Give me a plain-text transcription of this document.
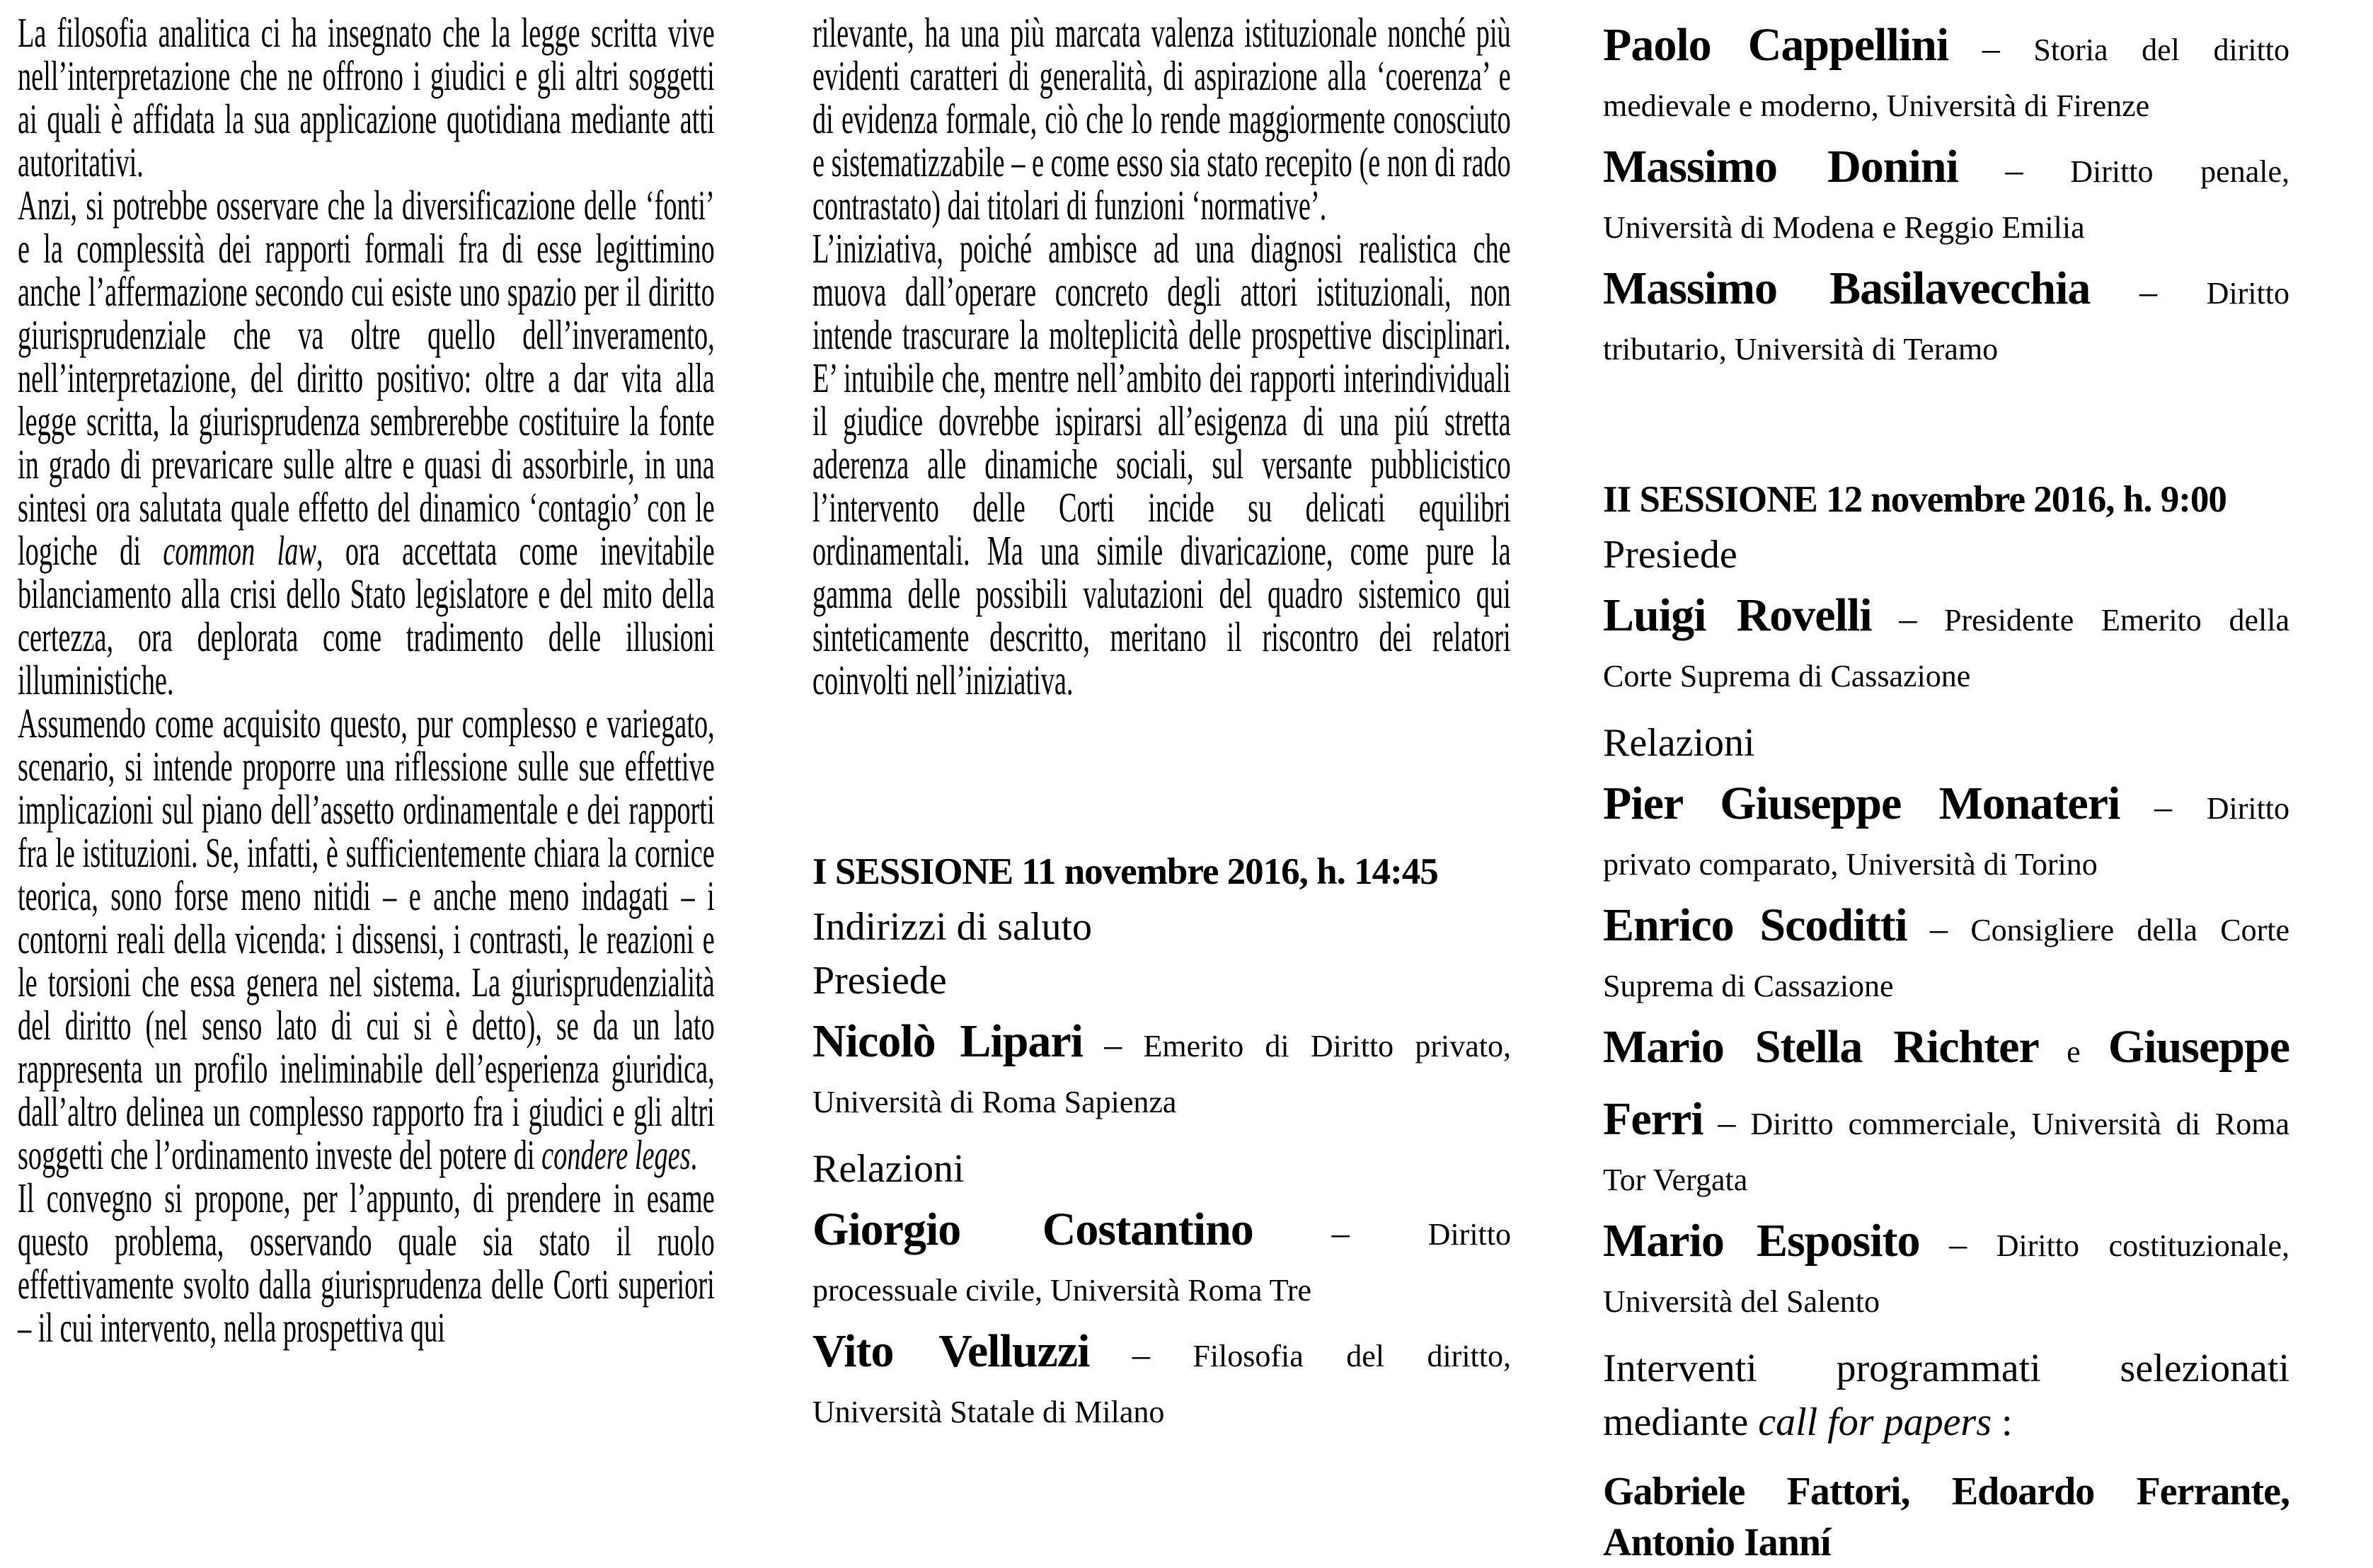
La filosofia analitica ci ha insegnato che la legge scritta vive nell’interpretazione che ne offrono i giudici e gli altri soggetti ai quali è affidata la sua applicazione quotidiana mediante atti autoritativi.

Anzi, si potrebbe osservare che la diversificazione delle ‘fonti’ e la complessità dei rapporti formali fra di esse legittimino anche l’affermazione secondo cui esiste uno spazio per il diritto giurisprudenziale che va oltre quello dell’inveramento, nell’interpretazione, del diritto positivo: oltre a dar vita alla legge scritta, la giurisprudenza sembrerebbe costituire la fonte in grado di prevaricare sulle altre e quasi di assorbirle, in una sintesi ora salutata quale effetto del dinamico ‘contagio’ con le logiche di common law, ora accettata come inevitabile bilanciamento alla crisi dello Stato legislatore e del mito della certezza, ora deplorata come tradimento delle illusioni illuministiche.

Assumendo come acquisito questo, pur complesso e variegato, scenario, si intende proporre una riflessione sulle sue effettive implicazioni sul piano dell’assetto ordinamentale e dei rapporti fra le istituzioni. Se, infatti, è sufficientemente chiara la cornice teorica, sono forse meno nitidi – e anche meno indagati – i contorni reali della vicenda: i dissensi, i contrasti, le reazioni e le torsioni che essa genera nel sistema. La giurisprudenzialità del diritto (nel senso lato di cui si è detto), se da un lato rappresenta un profilo ineliminabile dell’esperienza giuridica, dall’altro delinea un complesso rapporto fra i giudici e gli altri soggetti che l’ordinamento investe del potere di condere leges.

Il convegno si propone, per l’appunto, di prendere in esame questo problema, osservando quale sia stato il ruolo effettivamente svolto dalla giurisprudenza delle Corti superiori – il cui intervento, nella prospettiva qui

rilevante, ha una più marcata valenza istituzionale nonché più evidenti caratteri di generalità, di aspirazione alla ‘coerenza’ e di evidenza formale, ciò che lo rende maggiormente conosciuto e sistematizzabile – e come esso sia stato recepito (e non di rado contrastato) dai titolari di funzioni ‘normative’.

L’iniziativa, poiché ambisce ad una diagnosi realistica che muova dall’operare concreto degli attori istituzionali, non intende trascurare la molteplicità delle prospettive disciplinari. E’ intuibile che, mentre nell’ambito dei rapporti interindividuali il giudice dovrebbe ispirarsi all’esigenza di una piú stretta aderenza alle dinamiche sociali, sul versante pubblicistico l’intervento delle Corti incide su delicati equilibri ordinamentali. Ma una simile divaricazione, come pure la gamma delle possibili valutazioni del quadro sistemico qui sinteticamente descritto, meritano il riscontro dei relatori coinvolti nell’iniziativa.

I SESSIONE 11 novembre 2016, h. 14:45

Indirizzi di saluto

Presiede

Nicolò Lipari – Emerito di Diritto privato,
Università di Roma Sapienza

Relazioni

Giorgio Costantino –	Diritto
processuale civile, Università Roma Tre
Vito Velluzzi – Filosofia del diritto,
Università Statale di Milano
Paolo Cappellini – Storia del diritto
medievale e moderno, Università di Firenze
Massimo Donini – Diritto penale,
Università di Modena e Reggio Emilia
Massimo Basilavecchia – Diritto
tributario, Università di Teramo

II SESSIONE 12 novembre 2016, h. 9:00

Presiede

Luigi Rovelli – Presidente Emerito della
Corte Suprema di Cassazione

Relazioni

Pier Giuseppe Monateri – Diritto
privato comparato, Università di Torino
Enrico Scoditti – Consigliere della Corte
Suprema di Cassazione
Mario Stella Richter e Giuseppe
Ferri – Diritto commerciale, Università di Roma
Tor Vergata
Mario Esposito – Diritto costituzionale,
Università del Salento
Interventi programmati selezionati
mediante call for papers :
Gabriele Fattori, Edoardo Ferrante,
Antonio Ianní
